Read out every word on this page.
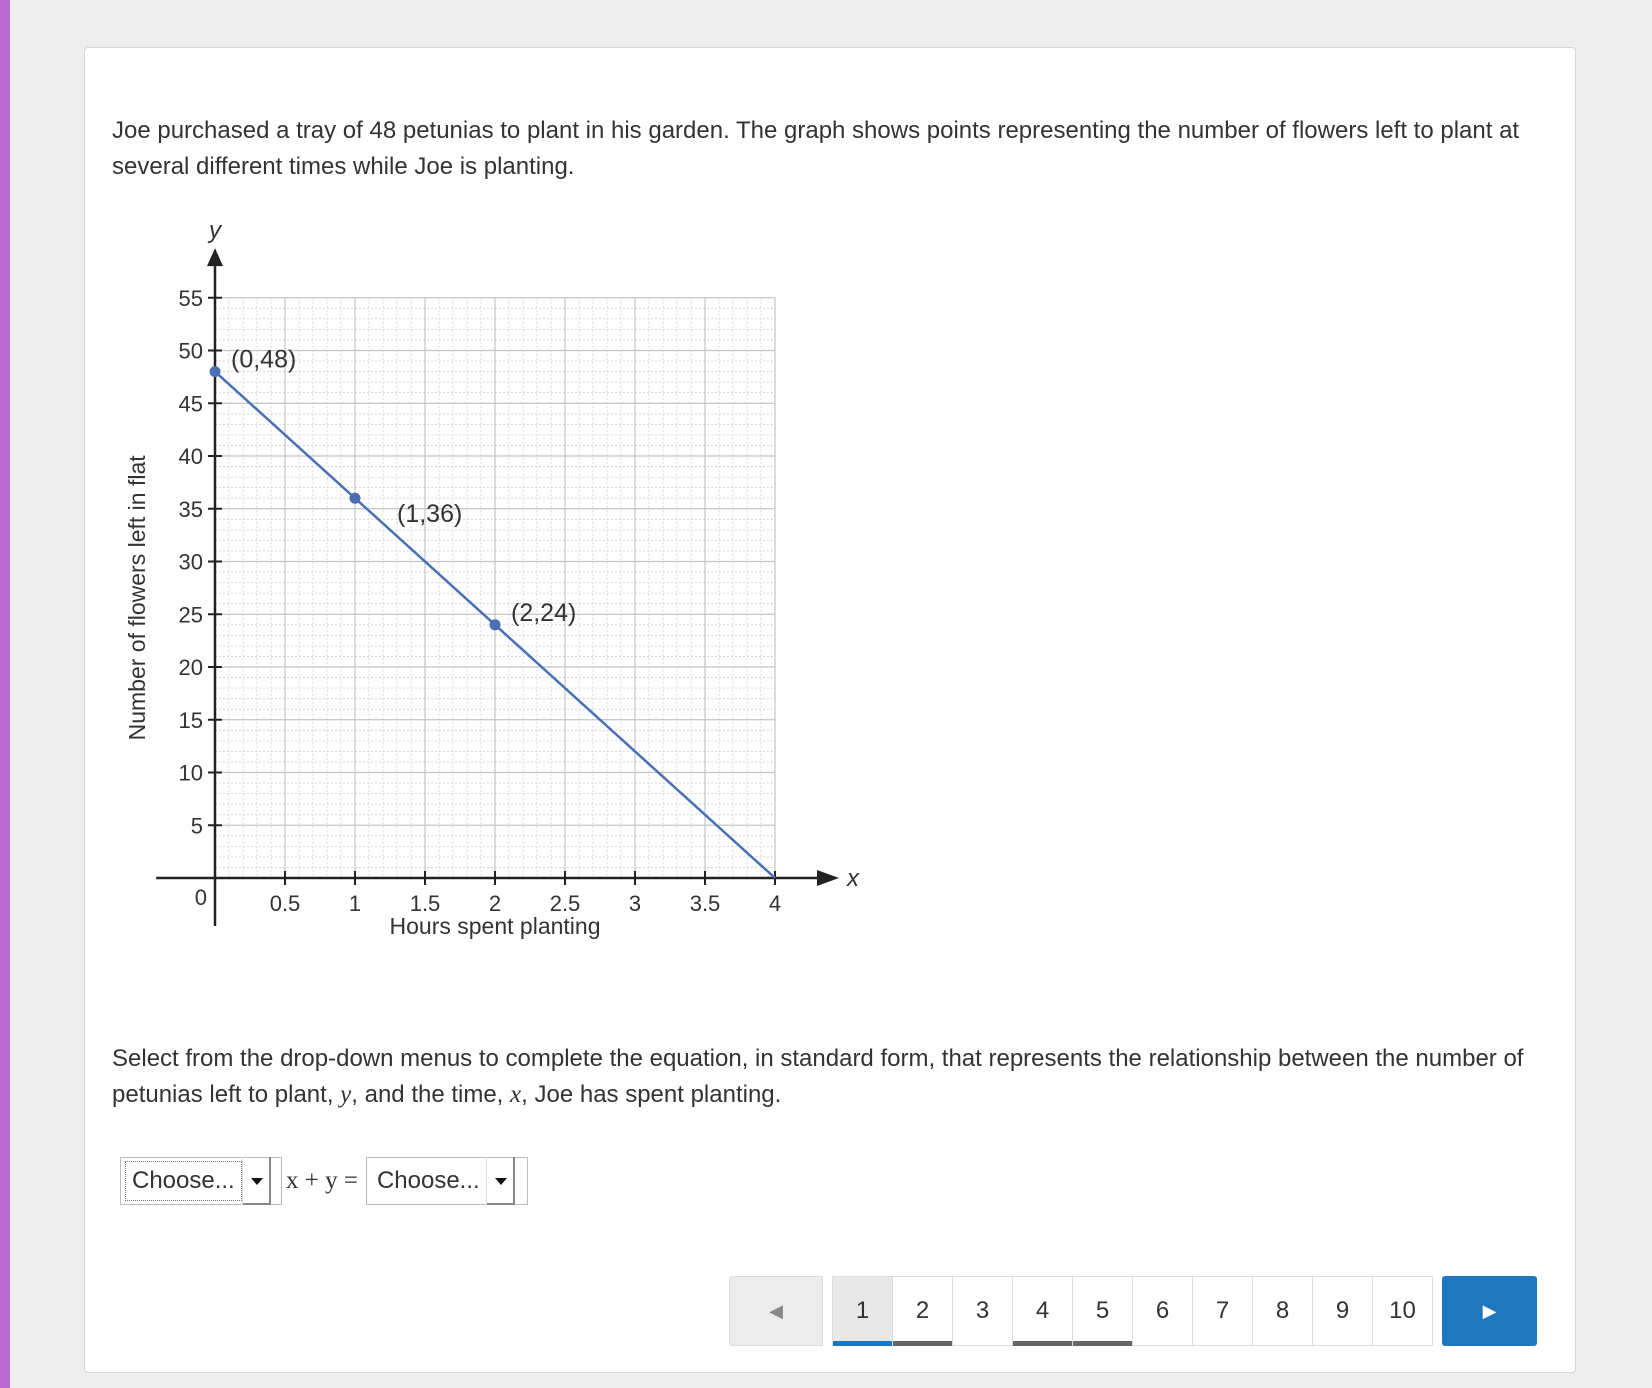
Joe purchased a tray of 48 petunias to plant in his garden. The graph shows points representing the number of flowers left to plant at several different times while Joe is planting.

0.5 1 1.5 2 2.5 3 3.5 4
5
10
15
20
25
30
35
40
45
50
55
0
x
y
Hours spent planting
Number of flowers left in flat
(0,48)
(1,36)
(2,24)

Select from the drop-down menus to complete the equation, in standard form, that represents the relationship between the number of petunias left to plant, y, and the time, x, Joe has spent planting.

Choose... x + y = Choose...
◀	1 2 3 4 5 6 7 8 9 10	▶
